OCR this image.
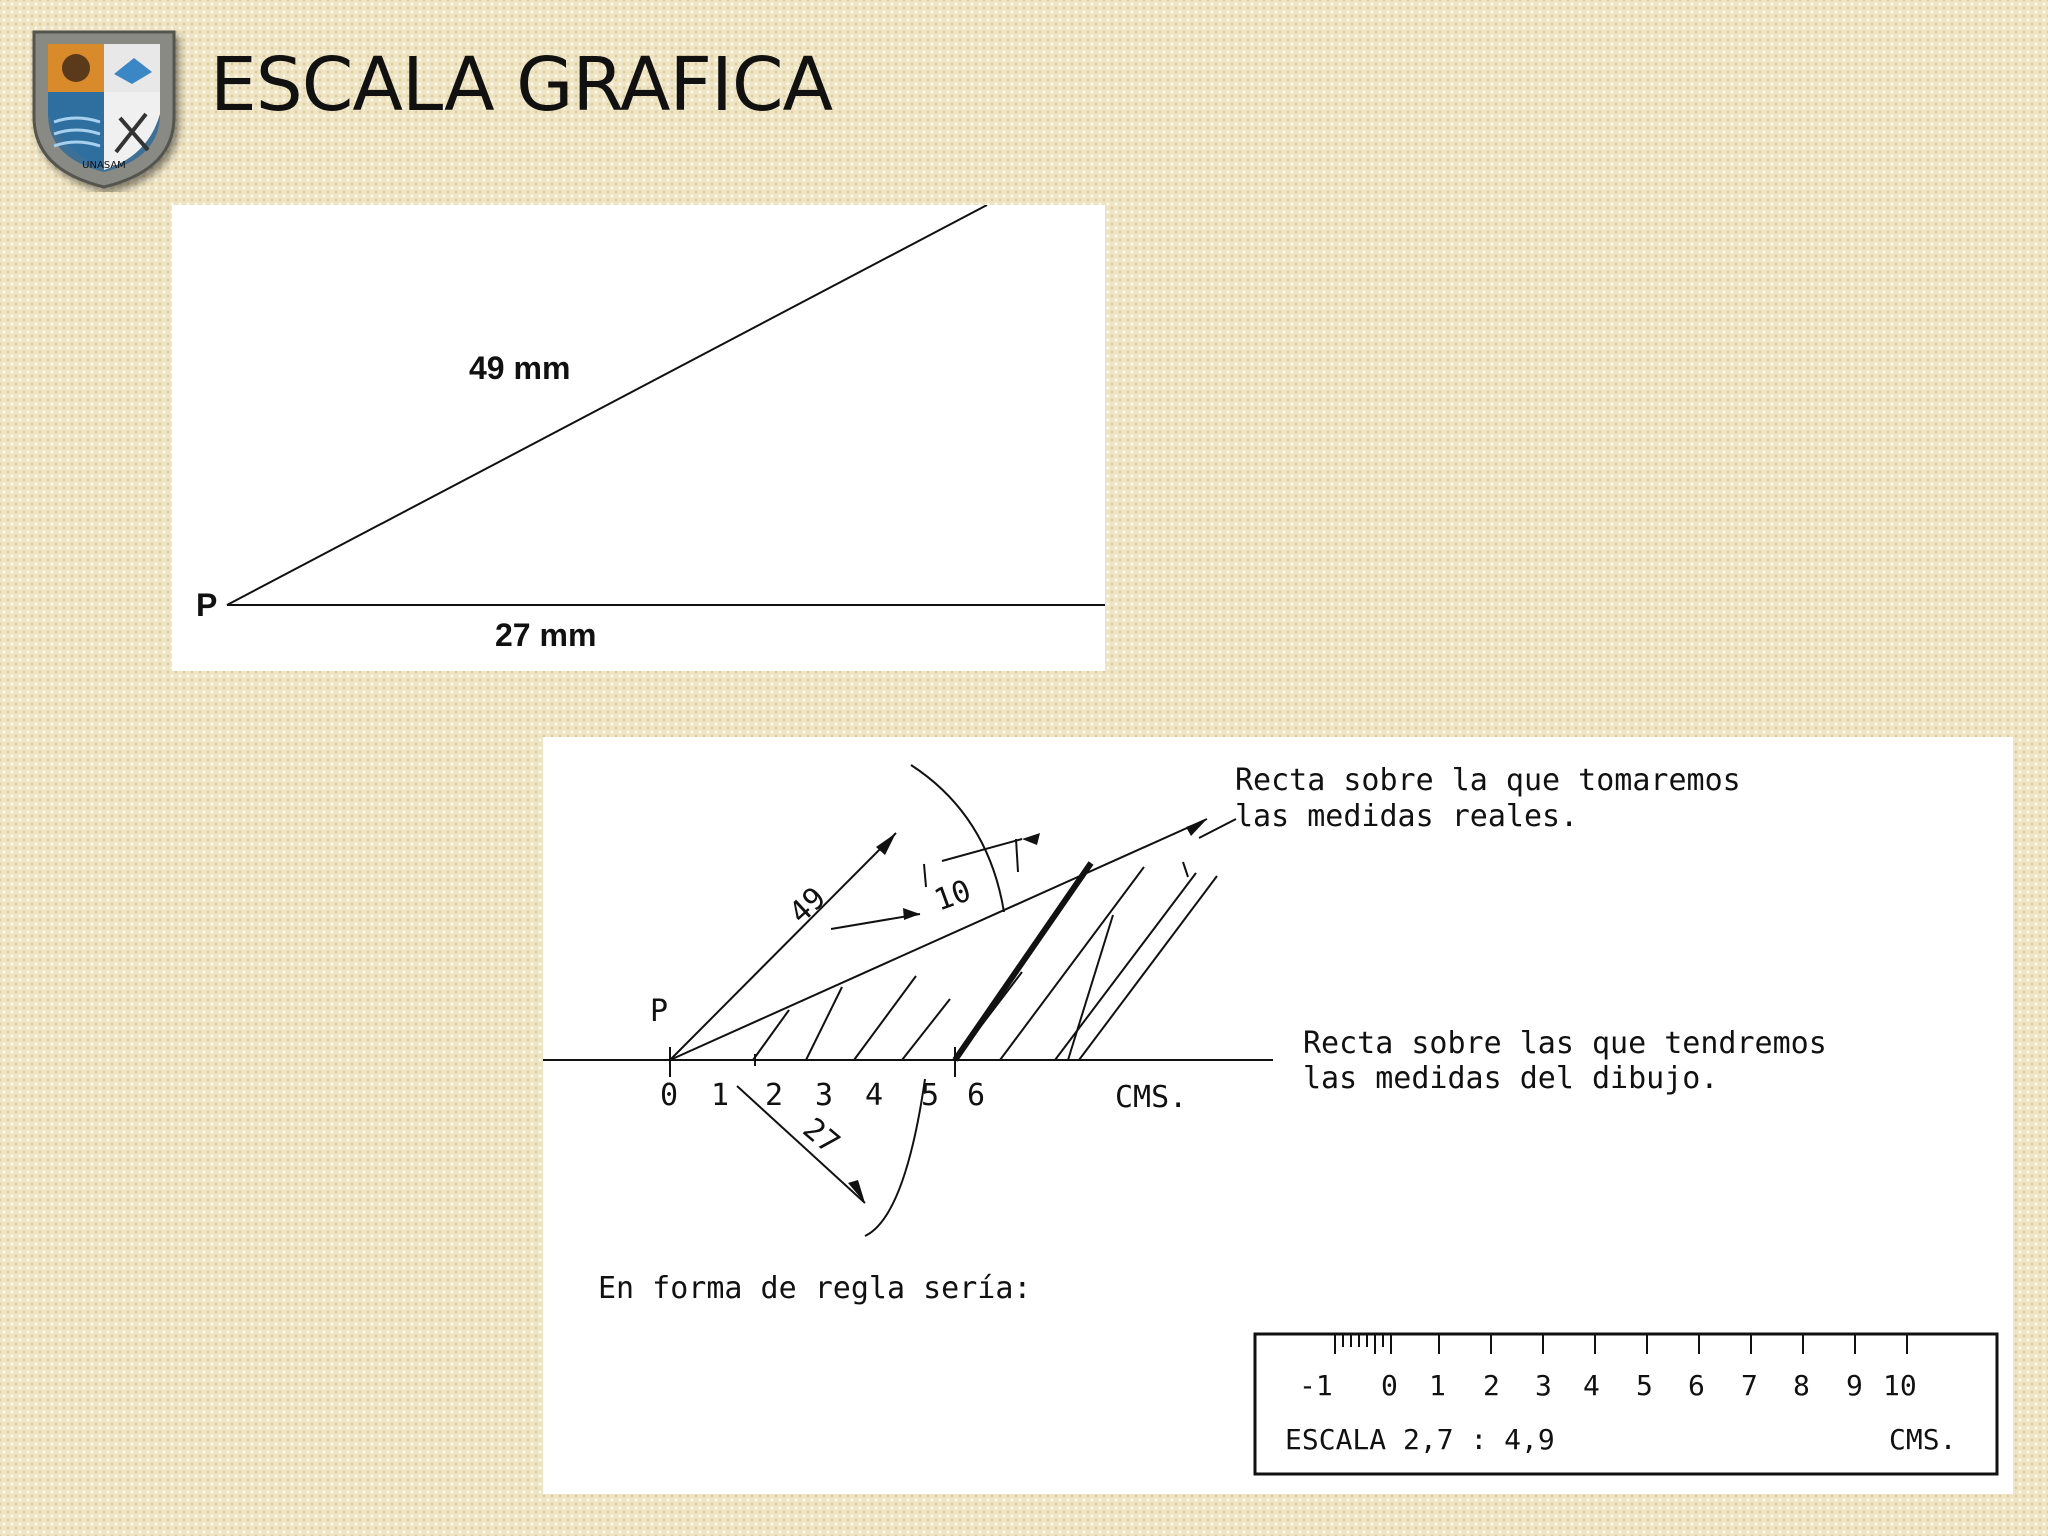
UNASAM
ESCALA GRAFICA
P
49 mm
27 mm
P
49	10
27
0 1 2 3 4 5 6	CMS.
Recta sobre la que tomaremos
las medidas reales.
Recta sobre las que tendremos
las medidas del dibujo.
En forma de regla sería:
-1 0 1 2 3 4 5 6 7 8 9 10
ESCALA 2,7 : 4,9	CMS.
